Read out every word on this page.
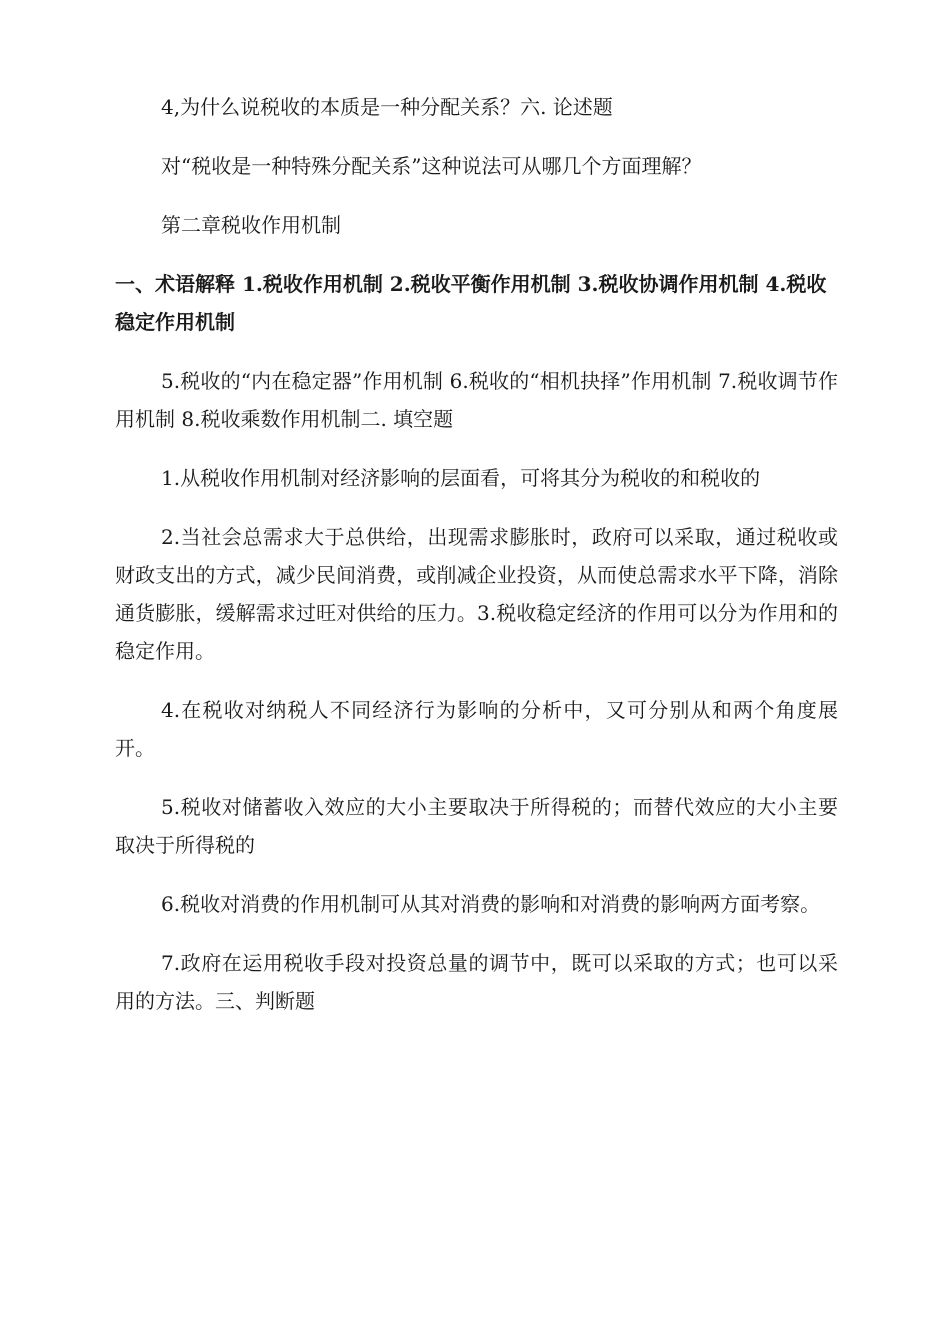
4,为什么说税收的本质是一种分配关系？六. 论述题

对“税收是一种特殊分配关系”这种说法可从哪几个方面理解？

第二章税收作用机制

一、术语解释 1.税收作用机制 2.税收平衡作用机制 3.税收协调作用机制 4.税收稳定作用机制

5.税收的“内在稳定器”作用机制 6.税收的“相机抉择”作用机制 7.税收调节作用机制 8.税收乘数作用机制二. 填空题

1.从税收作用机制对经济影响的层面看，可将其分为税收的和税收的

2.当社会总需求大于总供给，出现需求膨胀时，政府可以采取，通过税收或财政支出的方式，减少民间消费，或削减企业投资，从而使总需求水平下降，消除通货膨胀，缓解需求过旺对供给的压力。3.税收稳定经济的作用可以分为作用和的稳定作用。

4.在税收对纳税人不同经济行为影响的分析中，又可分别从和两个角度展开。

5.税收对储蓄收入效应的大小主要取决于所得税的；而替代效应的大小主要取决于所得税的

6.税收对消费的作用机制可从其对消费的影响和对消费的影响两方面考察。

7.政府在运用税收手段对投资总量的调节中，既可以采取的方式；也可以采用的方法。三、判断题
